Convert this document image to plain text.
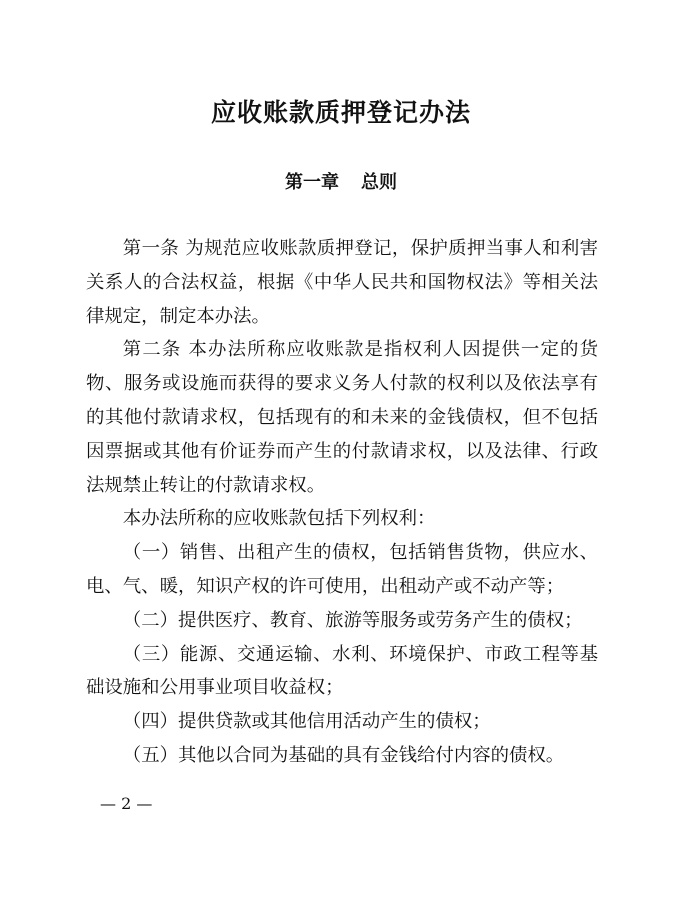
应收账款质押登记办法
第一章 总则

第一条 为规范应收账款质押登记，保护质押当事人和利害关系人的合法权益，根据《中华人民共和国物权法》等相关法律规定，制定本办法。

第二条 本办法所称应收账款是指权利人因提供一定的货物、服务或设施而获得的要求义务人付款的权利以及依法享有的其他付款请求权，包括现有的和未来的金钱债权，但不包括因票据或其他有价证券而产生的付款请求权，以及法律、行政法规禁止转让的付款请求权。

本办法所称的应收账款包括下列权利：

（一）销售、出租产生的债权，包括销售货物，供应水、电、气、暖，知识产权的许可使用，出租动产或不动产等；

（二）提供医疗、教育、旅游等服务或劳务产生的债权；

（三）能源、交通运输、水利、环境保护、市政工程等基础设施和公用事业项目收益权；

（四）提供贷款或其他信用活动产生的债权；

（五）其他以合同为基础的具有金钱给付内容的债权。

— 2 —
